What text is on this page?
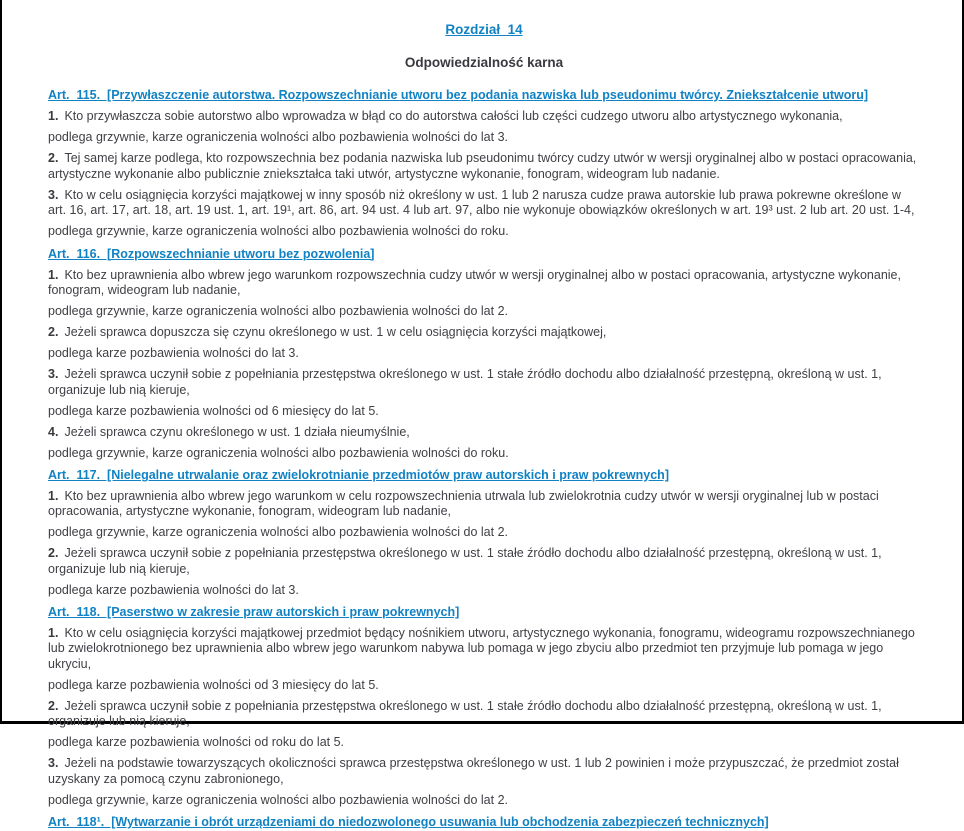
Rozdział  14
Odpowiedzialność karna
Art.  115.  [Przywłaszczenie autorstwa. Rozpowszechnianie utworu bez podania nazwiska lub pseudonimu twórcy. Zniekształcenie utworu]

1. Kto przywłaszcza sobie autorstwo albo wprowadza w błąd co do autorstwa całości lub części cudzego utworu albo artystycznego wykonania,

podlega grzywnie, karze ograniczenia wolności albo pozbawienia wolności do lat 3.

2. Tej samej karze podlega, kto rozpowszechnia bez podania nazwiska lub pseudonimu twórcy cudzy utwór w wersji oryginalnej albo w postaci opracowania, artystyczne wykonanie albo publicznie zniekształca taki utwór, artystyczne wykonanie, fonogram, wideogram lub nadanie.

3. Kto w celu osiągnięcia korzyści majątkowej w inny sposób niż określony w ust. 1 lub 2 narusza cudze prawa autorskie lub prawa pokrewne określone w art. 16, art. 17, art. 18, art. 19 ust. 1, art. 19¹, art. 86, art. 94 ust. 4 lub art. 97, albo nie wykonuje obowiązków określonych w art. 19³ ust. 2 lub art. 20 ust. 1-4,

podlega grzywnie, karze ograniczenia wolności albo pozbawienia wolności do roku.

Art.  116.  [Rozpowszechnianie utworu bez pozwolenia]

1. Kto bez uprawnienia albo wbrew jego warunkom rozpowszechnia cudzy utwór w wersji oryginalnej albo w postaci opracowania, artystyczne wykonanie, fonogram, wideogram lub nadanie,

podlega grzywnie, karze ograniczenia wolności albo pozbawienia wolności do lat 2.

2. Jeżeli sprawca dopuszcza się czynu określonego w ust. 1 w celu osiągnięcia korzyści majątkowej,

podlega karze pozbawienia wolności do lat 3.

3. Jeżeli sprawca uczynił sobie z popełniania przestępstwa określonego w ust. 1 stałe źródło dochodu albo działalność przestępną, określoną w ust. 1, organizuje lub nią kieruje,

podlega karze pozbawienia wolności od 6 miesięcy do lat 5.

4. Jeżeli sprawca czynu określonego w ust. 1 działa nieumyślnie,

podlega grzywnie, karze ograniczenia wolności albo pozbawienia wolności do roku.

Art.  117.  [Nielegalne utrwalanie oraz zwielokrotnianie przedmiotów praw autorskich i praw pokrewnych]

1. Kto bez uprawnienia albo wbrew jego warunkom w celu rozpowszechnienia utrwala lub zwielokrotnia cudzy utwór w wersji oryginalnej lub w postaci opracowania, artystyczne wykonanie, fonogram, wideogram lub nadanie,

podlega grzywnie, karze ograniczenia wolności albo pozbawienia wolności do lat 2.

2. Jeżeli sprawca uczynił sobie z popełniania przestępstwa określonego w ust. 1 stałe źródło dochodu albo działalność przestępną, określoną w ust. 1, organizuje lub nią kieruje,

podlega karze pozbawienia wolności do lat 3.

Art.  118.  [Paserstwo w zakresie praw autorskich i praw pokrewnych]

1. Kto w celu osiągnięcia korzyści majątkowej przedmiot będący nośnikiem utworu, artystycznego wykonania, fonogramu, wideogramu rozpowszechnianego lub zwielokrotnionego bez uprawnienia albo wbrew jego warunkom nabywa lub pomaga w jego zbyciu albo przedmiot ten przyjmuje lub pomaga w jego ukryciu,

podlega karze pozbawienia wolności od 3 miesięcy do lat 5.

2. Jeżeli sprawca uczynił sobie z popełniania przestępstwa określonego w ust. 1 stałe źródło dochodu albo działalność przestępną, określoną w ust. 1, organizuje lub nią kieruje,

podlega karze pozbawienia wolności od roku do lat 5.

3. Jeżeli na podstawie towarzyszących okoliczności sprawca przestępstwa określonego w ust. 1 lub 2 powinien i może przypuszczać, że przedmiot został uzyskany za pomocą czynu zabronionego,

podlega grzywnie, karze ograniczenia wolności albo pozbawienia wolności do lat 2.

Art.  118¹.  [Wytwarzanie i obrót urządzeniami do niedozwolonego usuwania lub obchodzenia zabezpieczeń technicznych]
